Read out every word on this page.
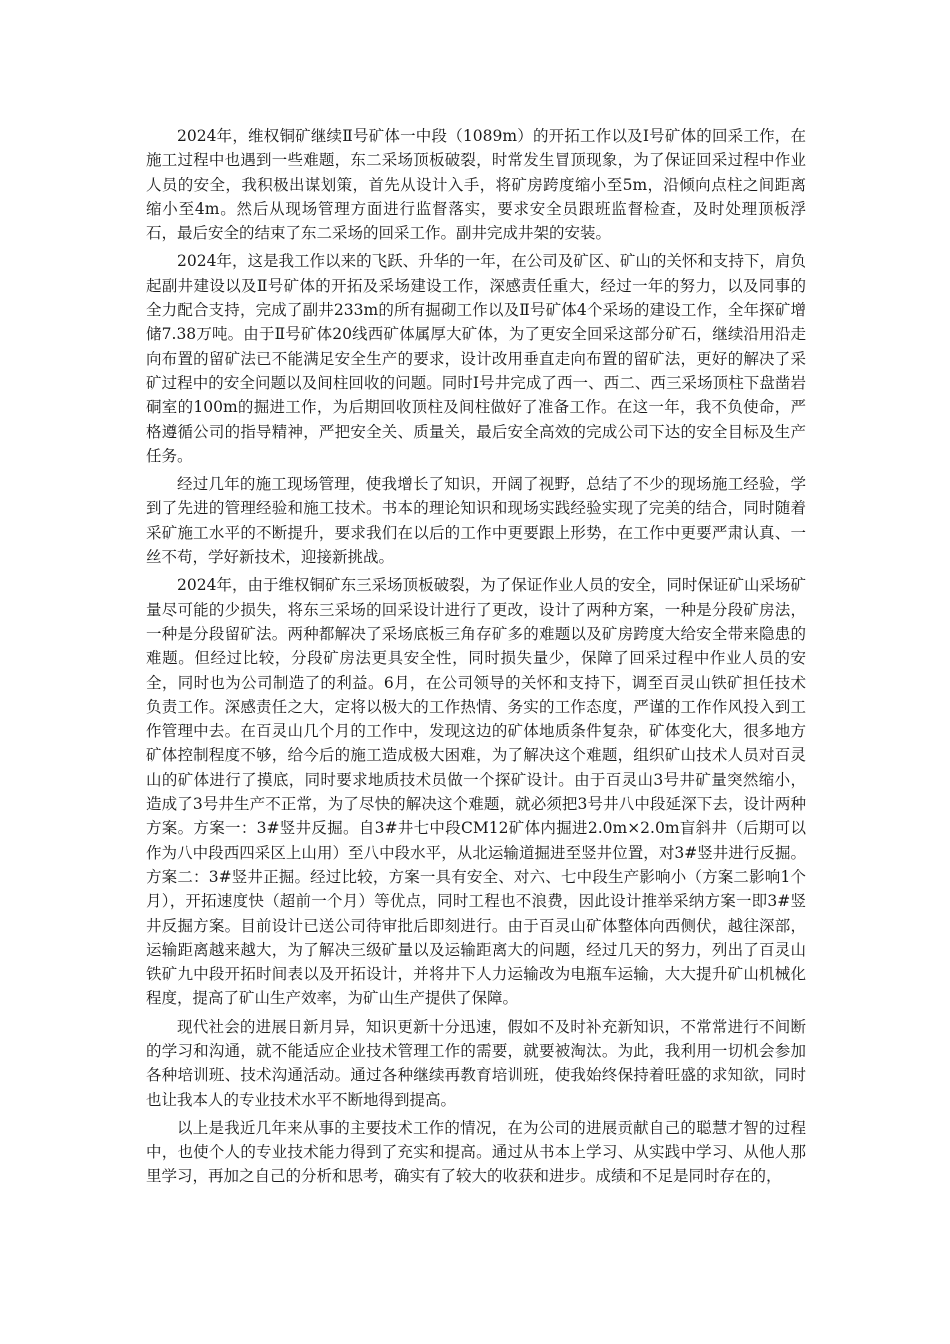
2024年，维权铜矿继续Ⅱ号矿体一中段（1089m）的开拓工作以及Ⅰ号矿体的回采工作，在施工过程中也遇到一些难题，东二采场顶板破裂，时常发生冒顶现象，为了保证回采过程中作业人员的安全，我积极出谋划策，首先从设计入手，将矿房跨度缩小至5m，沿倾向点柱之间距离缩小至4m。然后从现场管理方面进行监督落实，要求安全员跟班监督检查，及时处理顶板浮石，最后安全的结束了东二采场的回采工作。副井完成井架的安装。

2024年，这是我工作以来的飞跃、升华的一年，在公司及矿区、矿山的关怀和支持下，肩负起副井建设以及Ⅱ号矿体的开拓及采场建设工作，深感责任重大，经过一年的努力，以及同事的全力配合支持，完成了副井233m的所有掘砌工作以及Ⅱ号矿体4个采场的建设工作，全年探矿增储7.38万吨。由于Ⅱ号矿体20线西矿体属厚大矿体，为了更安全回采这部分矿石，继续沿用沿走向布置的留矿法已不能满足安全生产的要求，设计改用垂直走向布置的留矿法，更好的解决了采矿过程中的安全问题以及间柱回收的问题。同时Ⅰ号井完成了西一、西二、西三采场顶柱下盘凿岩硐室的100m的掘进工作，为后期回收顶柱及间柱做好了准备工作。在这一年，我不负使命，严格遵循公司的指导精神，严把安全关、质量关，最后安全高效的完成公司下达的安全目标及生产任务。

经过几年的施工现场管理，使我增长了知识，开阔了视野，总结了不少的现场施工经验，学到了先进的管理经验和施工技术。书本的理论知识和现场实践经验实现了完美的结合，同时随着采矿施工水平的不断提升，要求我们在以后的工作中更要跟上形势，在工作中更要严肃认真、一丝不苟，学好新技术，迎接新挑战。

2024年，由于维权铜矿东三采场顶板破裂，为了保证作业人员的安全，同时保证矿山采场矿量尽可能的少损失，将东三采场的回采设计进行了更改，设计了两种方案，一种是分段矿房法，一种是分段留矿法。两种都解决了采场底板三角存矿多的难题以及矿房跨度大给安全带来隐患的难题。但经过比较，分段矿房法更具安全性，同时损失量少，保障了回采过程中作业人员的安全，同时也为公司制造了的利益。6月，在公司领导的关怀和支持下，调至百灵山铁矿担任技术负责工作。深感责任之大，定将以极大的工作热情、务实的工作态度，严谨的工作作风投入到工作管理中去。在百灵山几个月的工作中，发现这边的矿体地质条件复杂，矿体变化大，很多地方矿体控制程度不够，给今后的施工造成极大困难，为了解决这个难题，组织矿山技术人员对百灵山的矿体进行了摸底，同时要求地质技术员做一个探矿设计。由于百灵山3号井矿量突然缩小，造成了3号井生产不正常，为了尽快的解决这个难题，就必须把3号井八中段延深下去，设计两种方案。方案一：3#竖井反掘。自3#井七中段CM12矿体内掘进2.0m×2.0m盲斜井（后期可以作为八中段西四采区上山用）至八中段水平，从北运输道掘进至竖井位置，对3#竖井进行反掘。方案二：3#竖井正掘。经过比较，方案一具有安全、对六、七中段生产影响小（方案二影响1个月），开拓速度快（超前一个月）等优点，同时工程也不浪费，因此设计推举采纳方案一即3#竖井反掘方案。目前设计已送公司待审批后即刻进行。由于百灵山矿体整体向西侧伏，越往深部，运输距离越来越大，为了解决三级矿量以及运输距离大的问题，经过几天的努力，列出了百灵山铁矿九中段开拓时间表以及开拓设计，并将井下人力运输改为电瓶车运输，大大提升矿山机械化程度，提高了矿山生产效率，为矿山生产提供了保障。

现代社会的进展日新月异，知识更新十分迅速，假如不及时补充新知识，不常常进行不间断的学习和沟通，就不能适应企业技术管理工作的需要，就要被淘汰。为此，我利用一切机会参加各种培训班、技术沟通活动。通过各种继续再教育培训班，使我始终保持着旺盛的求知欲，同时也让我本人的专业技术水平不断地得到提高。

以上是我近几年来从事的主要技术工作的情况，在为公司的进展贡献自己的聪慧才智的过程中，也使个人的专业技术能力得到了充实和提高。通过从书本上学习、从实践中学习、从他人那里学习，再加之自己的分析和思考，确实有了较大的收获和进步。成绩和不足是同时存在的，
